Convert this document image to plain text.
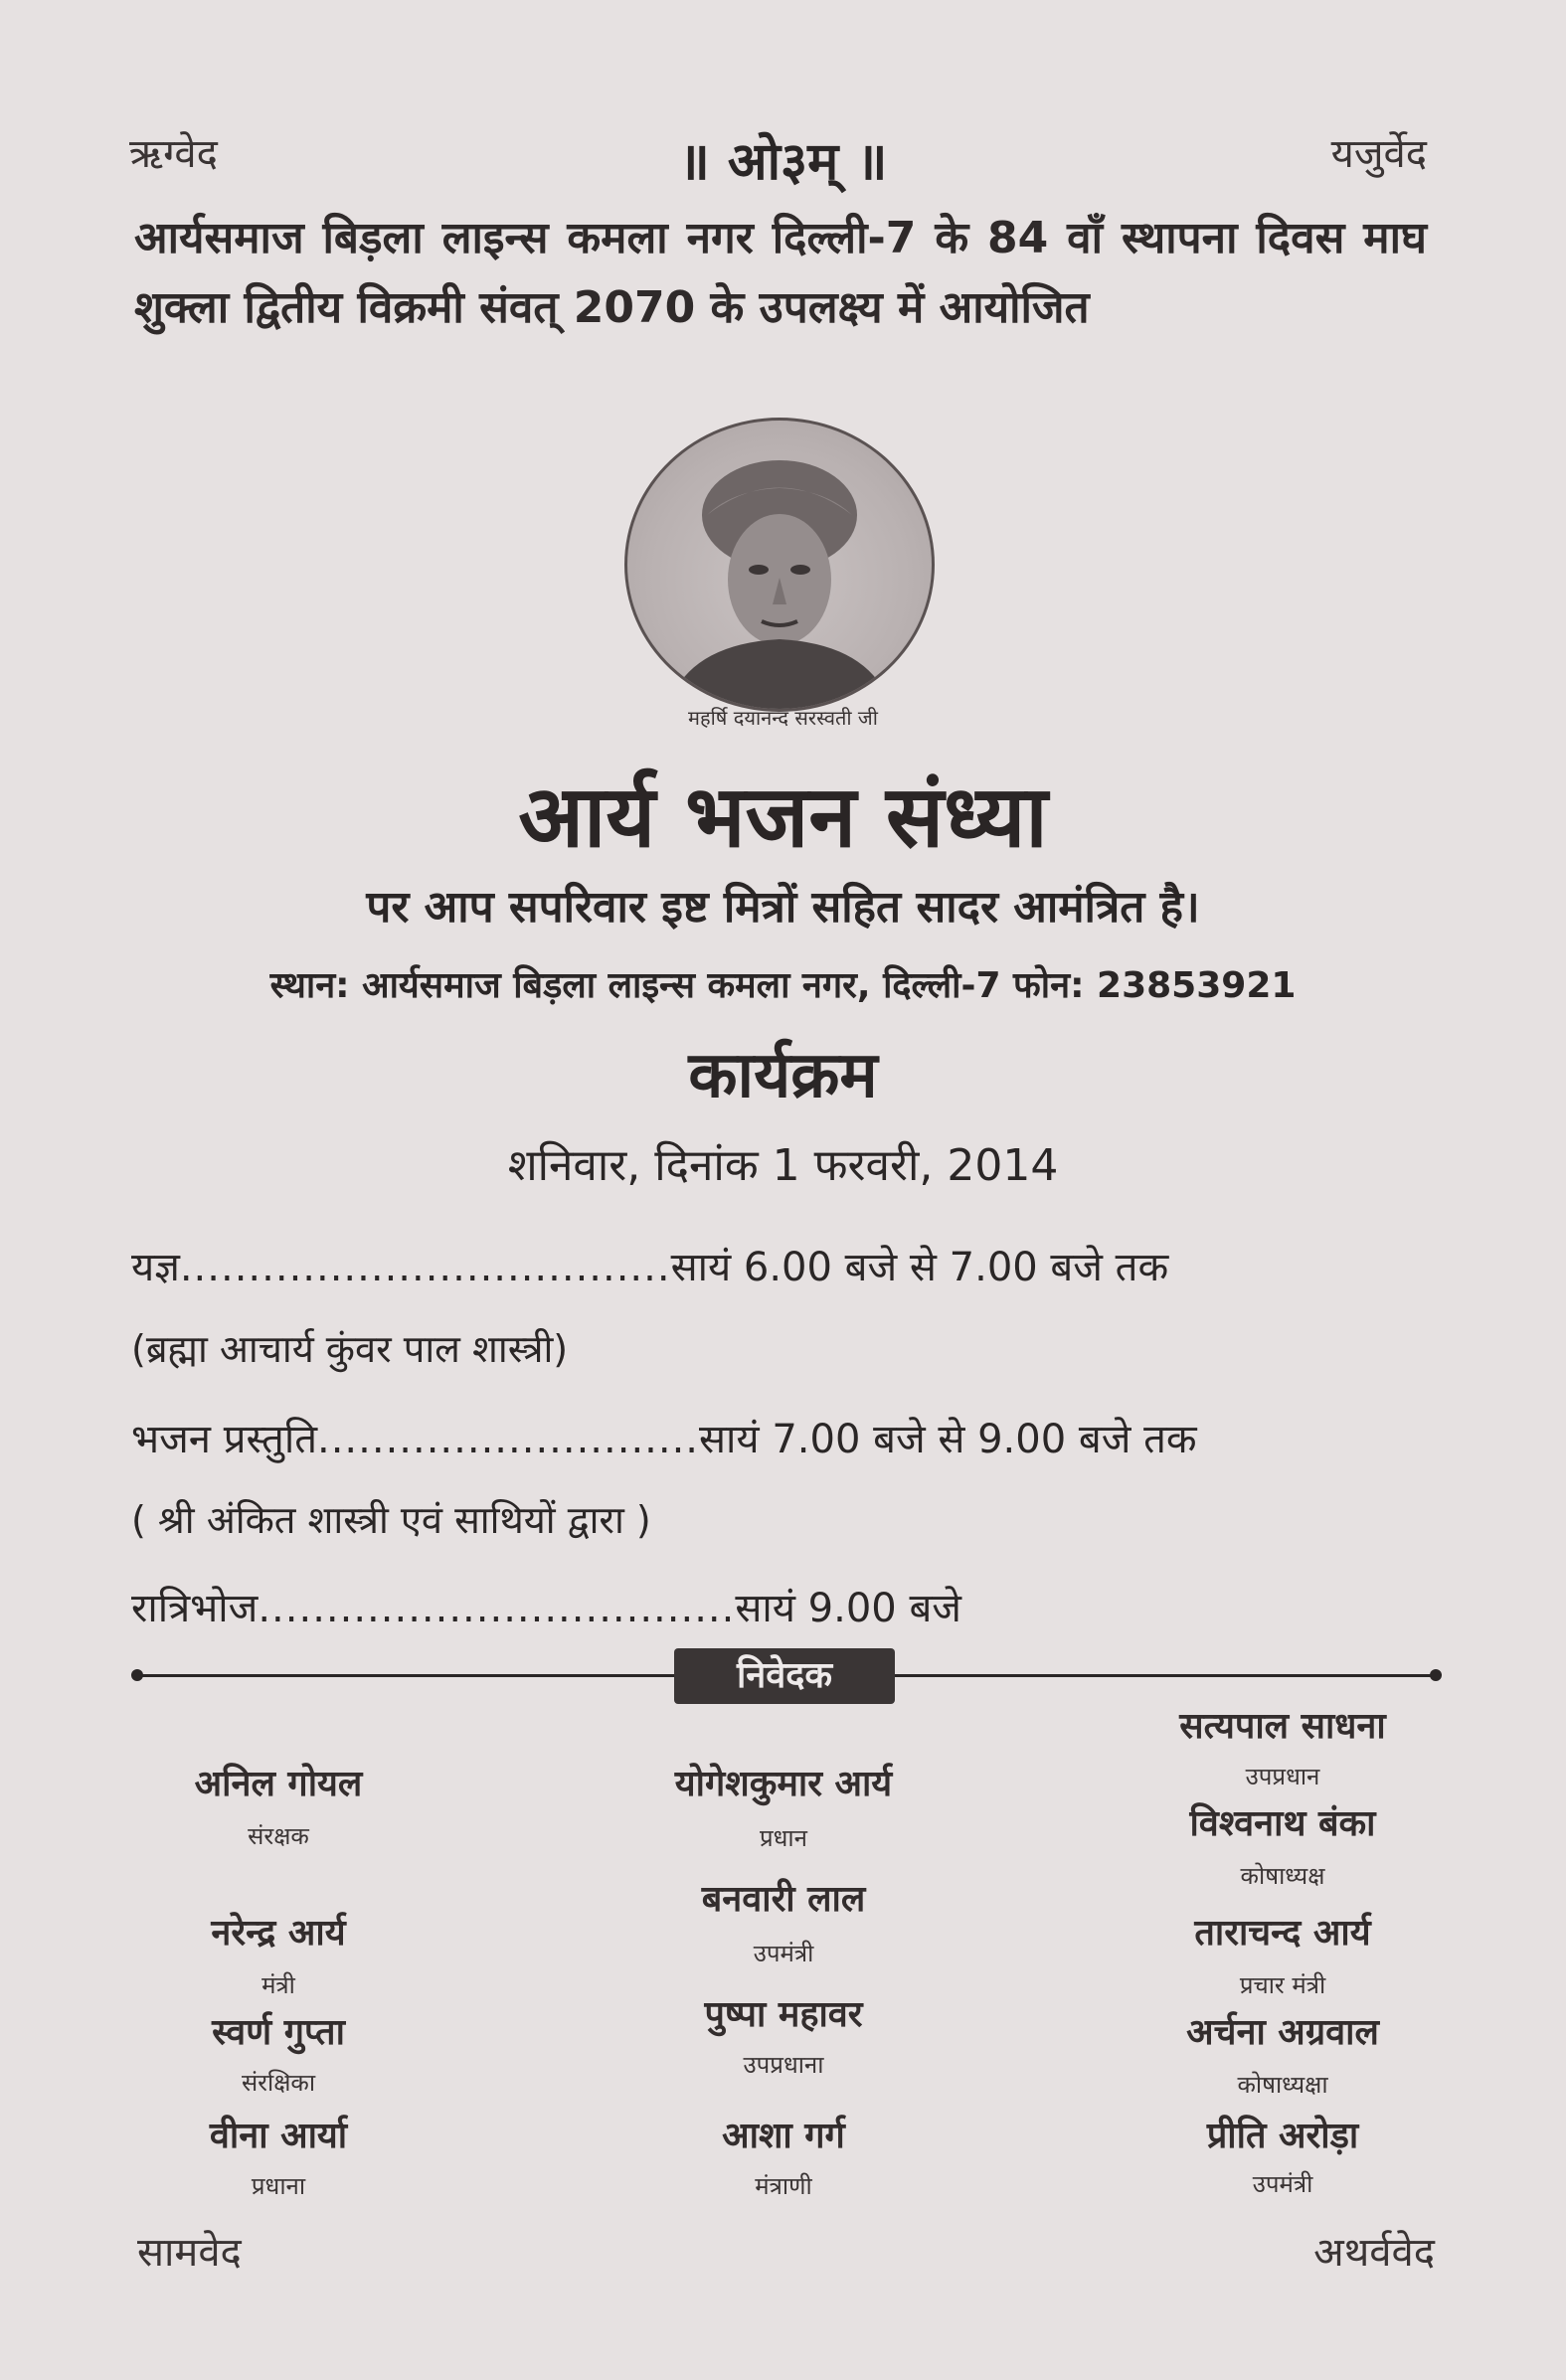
ऋग्वेद	॥ ओ३म् ॥	यजुर्वेद
आर्यसमाज बिड़ला लाइन्स कमला नगर दिल्ली-7 के 84 वाँ स्थापना दिवस माघ शुक्ला द्वितीय विक्रमी संवत् 2070 के उपलक्ष्य में आयोजित
महर्षि दयानन्द सरस्वती जी
आर्य भजन संध्या
पर आप सपरिवार इष्ट मित्रों सहित सादर आमंत्रित है।
स्थान: आर्यसमाज बिड़ला लाइन्स कमला नगर, दिल्ली-7 फोन: 23853921
कार्यक्रम
शनिवार, दिनांक 1 फरवरी, 2014
यज्ञ....................................सायं 6.00 बजे से 7.00 बजे तक
(ब्रह्मा आचार्य कुंवर पाल शास्त्री)
भजन प्रस्तुति............................सायं 7.00 बजे से 9.00 बजे तक
( श्री अंकित शास्त्री एवं साथियों द्वारा )
रात्रिभोज...................................सायं 9.00 बजे
निवेदक
अनिल गोयल
संरक्षक
नरेन्द्र आर्य
मंत्री
स्वर्ण गुप्ता
संरक्षिका
वीना आर्या
प्रधाना
योगेशकुमार आर्य
प्रधान
बनवारी लाल
उपमंत्री
पुष्पा महावर
उपप्रधाना
आशा गर्ग
मंत्राणी
सत्यपाल साधना
उपप्रधान
विश्वनाथ बंका
कोषाध्यक्ष
ताराचन्द आर्य
प्रचार मंत्री
अर्चना अग्रवाल
कोषाध्यक्षा
प्रीति अरोड़ा
उपमंत्री
सामवेद	अथर्ववेद
